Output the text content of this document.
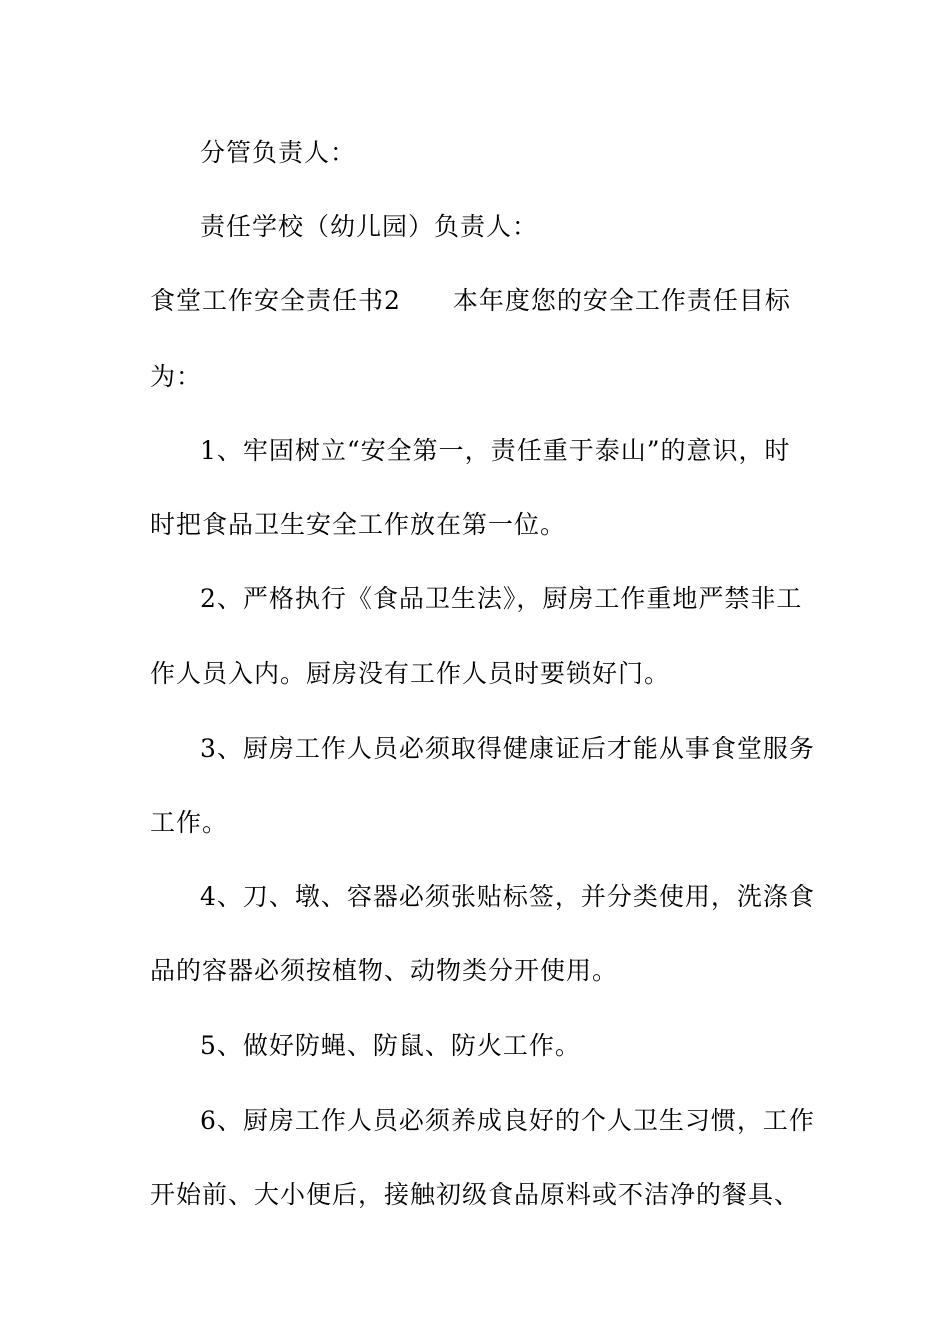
分管负责人：
责任学校（幼儿园）负责人：
食堂工作安全责任书2 本年度您的安全工作责任目标
为：
1、牢固树立“安全第一，责任重于泰山”的意识，时
时把食品卫生安全工作放在第一位。
2、严格执行《食品卫生法》，厨房工作重地严禁非工
作人员入内。厨房没有工作人员时要锁好门。
3、厨房工作人员必须取得健康证后才能从事食堂服务
工作。
4、刀、墩、容器必须张贴标签，并分类使用，洗涤食
品的容器必须按植物、动物类分开使用。
5、做好防蝇、防鼠、防火工作。
6、厨房工作人员必须养成良好的个人卫生习惯，工作
开始前、大小便后，接触初级食品原料或不洁净的餐具、
